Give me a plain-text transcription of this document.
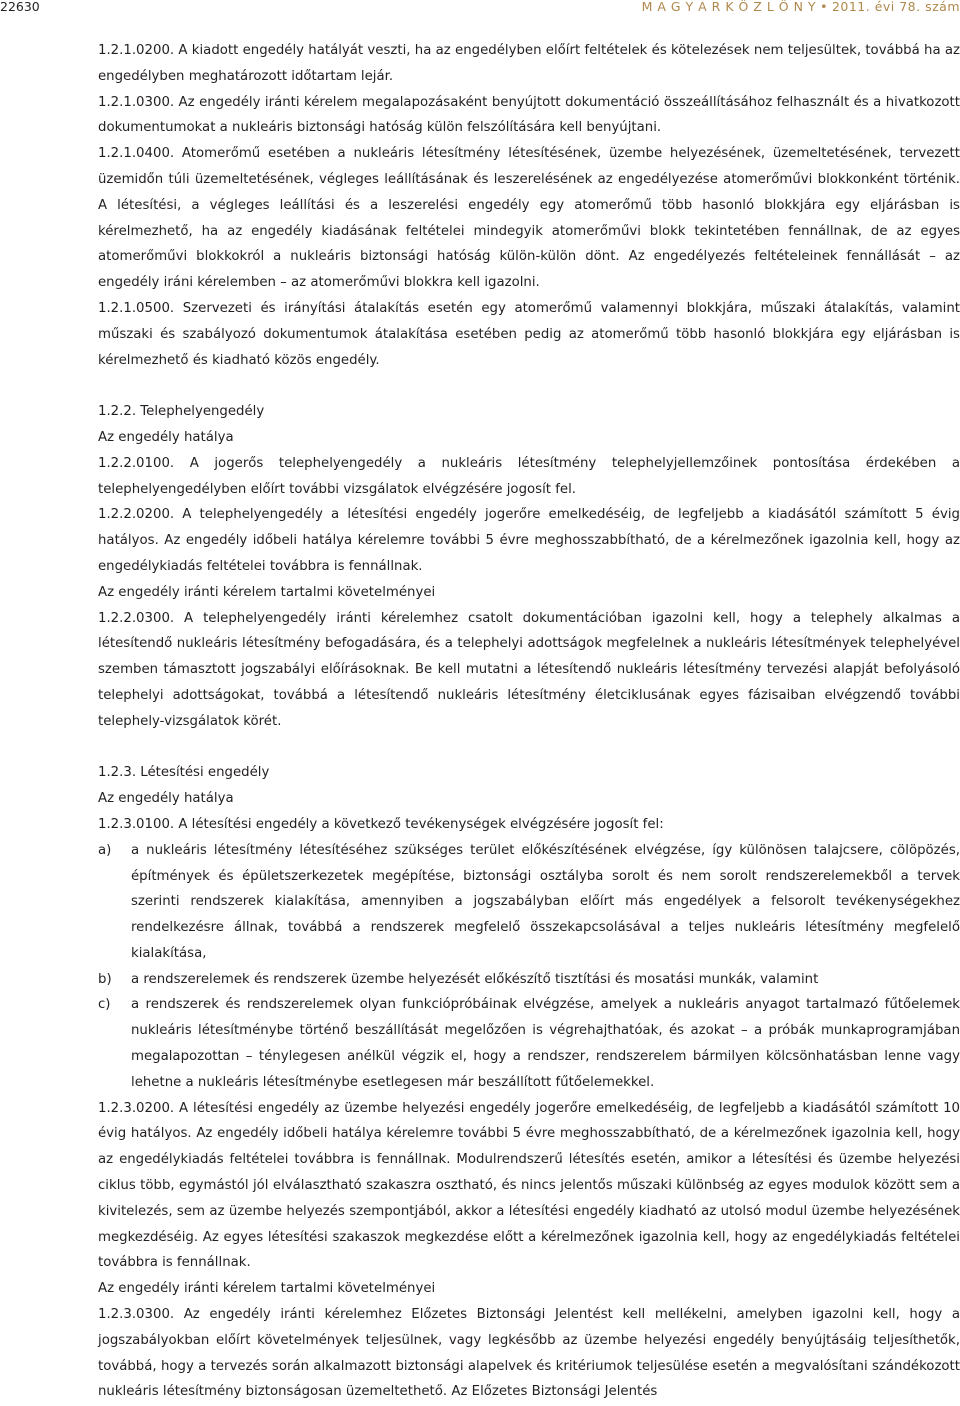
22630	M A G Y A R K Ö Z L Ö N Y • 2011. évi 78. szám

1.2.1.0200. A kiadott engedély hatályát veszti, ha az engedélyben előírt feltételek és kötelezések nem teljesültek, továbbá ha az engedélyben meghatározott időtartam lejár.

1.2.1.0300. Az engedély iránti kérelem megalapozásaként benyújtott dokumentáció összeállításához felhasznált és a hivatkozott dokumentumokat a nukleáris biztonsági hatóság külön felszólítására kell benyújtani.

1.2.1.0400. Atomerőmű esetében a nukleáris létesítmény létesítésének, üzembe helyezésének, üzemeltetésének, tervezett üzemidőn túli üzemeltetésének, végleges leállításának és leszerelésének az engedélyezése atomerőművi blokkonként történik. A létesítési, a végleges leállítási és a leszerelési engedély egy atomerőmű több hasonló blokkjára egy eljárásban is kérelmezhető, ha az engedély kiadásának feltételei mindegyik atomerőművi blokk tekintetében fennállnak, de az egyes atomerőművi blokkokról a nukleáris biztonsági hatóság külön-külön dönt. Az engedélyezés feltételeinek fennállását – az engedély iráni kérelemben – az atomerőművi blokkra kell igazolni.

1.2.1.0500. Szervezeti és irányítási átalakítás esetén egy atomerőmű valamennyi blokkjára, műszaki átalakítás, valamint műszaki és szabályozó dokumentumok átalakítása esetében pedig az atomerőmű több hasonló blokkjára egy eljárásban is kérelmezhető és kiadható közös engedély.

1.2.2. Telephelyengedély

Az engedély hatálya

1.2.2.0100. A jogerős telephelyengedély a nukleáris létesítmény telephelyjellemzőinek pontosítása érdekében a telephelyengedélyben előírt további vizsgálatok elvégzésére jogosít fel.

1.2.2.0200. A telephelyengedély a létesítési engedély jogerőre emelkedéséig, de legfeljebb a kiadásától számított 5 évig hatályos. Az engedély időbeli hatálya kérelemre további 5 évre meghosszabbítható, de a kérelmezőnek igazolnia kell, hogy az engedélykiadás feltételei továbbra is fennállnak.

Az engedély iránti kérelem tartalmi követelményei

1.2.2.0300. A telephelyengedély iránti kérelemhez csatolt dokumentációban igazolni kell, hogy a telephely alkalmas a létesítendő nukleáris létesítmény befogadására, és a telephelyi adottságok megfelelnek a nukleáris létesítmények telephelyével szemben támasztott jogszabályi előírásoknak. Be kell mutatni a létesítendő nukleáris létesítmény tervezési alapját befolyásoló telephelyi adottságokat, továbbá a létesítendő nukleáris létesítmény életciklusának egyes fázisaiban elvégzendő további telephely-vizsgálatok körét.

1.2.3. Létesítési engedély

Az engedély hatálya

1.2.3.0100. A létesítési engedély a következő tevékenységek elvégzésére jogosít fel:

a)	a nukleáris létesítmény létesítéséhez szükséges terület előkészítésének elvégzése, így különösen talajcsere, cölöpözés, építmények és épületszerkezetek megépítése, biztonsági osztályba sorolt és nem sorolt rendszerelemekből a tervek szerinti rendszerek kialakítása, amennyiben a jogszabályban előírt más engedélyek a felsorolt tevékenységekhez rendelkezésre állnak, továbbá a rendszerek megfelelő összekapcsolásával a teljes nukleáris létesítmény megfelelő kialakítása,
b)	a rendszerelemek és rendszerek üzembe helyezését előkészítő tisztítási és mosatási munkák, valamint
c)	a rendszerek és rendszerelemek olyan funkciópróbáinak elvégzése, amelyek a nukleáris anyagot tartalmazó fűtőelemek nukleáris létesítménybe történő beszállítását megelőzően is végrehajthatóak, és azokat – a próbák munkaprogramjában megalapozottan – ténylegesen anélkül végzik el, hogy a rendszer, rendszerelem bármilyen kölcsönhatásban lenne vagy lehetne a nukleáris létesítménybe esetlegesen már beszállított fűtőelemekkel.

1.2.3.0200. A létesítési engedély az üzembe helyezési engedély jogerőre emelkedéséig, de legfeljebb a kiadásától számított 10 évig hatályos. Az engedély időbeli hatálya kérelemre további 5 évre meghosszabbítható, de a kérelmezőnek igazolnia kell, hogy az engedélykiadás feltételei továbbra is fennállnak. Modulrendszerű létesítés esetén, amikor a létesítési és üzembe helyezési ciklus több, egymástól jól elválasztható szakaszra osztható, és nincs jelentős műszaki különbség az egyes modulok között sem a kivitelezés, sem az üzembe helyezés szempontjából, akkor a létesítési engedély kiadható az utolsó modul üzembe helyezésének megkezdéséig. Az egyes létesítési szakaszok megkezdése előtt a kérelmezőnek igazolnia kell, hogy az engedélykiadás feltételei továbbra is fennállnak.

Az engedély iránti kérelem tartalmi követelményei

1.2.3.0300. Az engedély iránti kérelemhez Előzetes Biztonsági Jelentést kell mellékelni, amelyben igazolni kell, hogy a jogszabályokban előírt követelmények teljesülnek, vagy legkésőbb az üzembe helyezési engedély benyújtásáig teljesíthetők, továbbá, hogy a tervezés során alkalmazott biztonsági alapelvek és kritériumok teljesülése esetén a megvalósítani szándékozott nukleáris létesítmény biztonságosan üzemeltethető. Az Előzetes Biztonsági Jelentés
